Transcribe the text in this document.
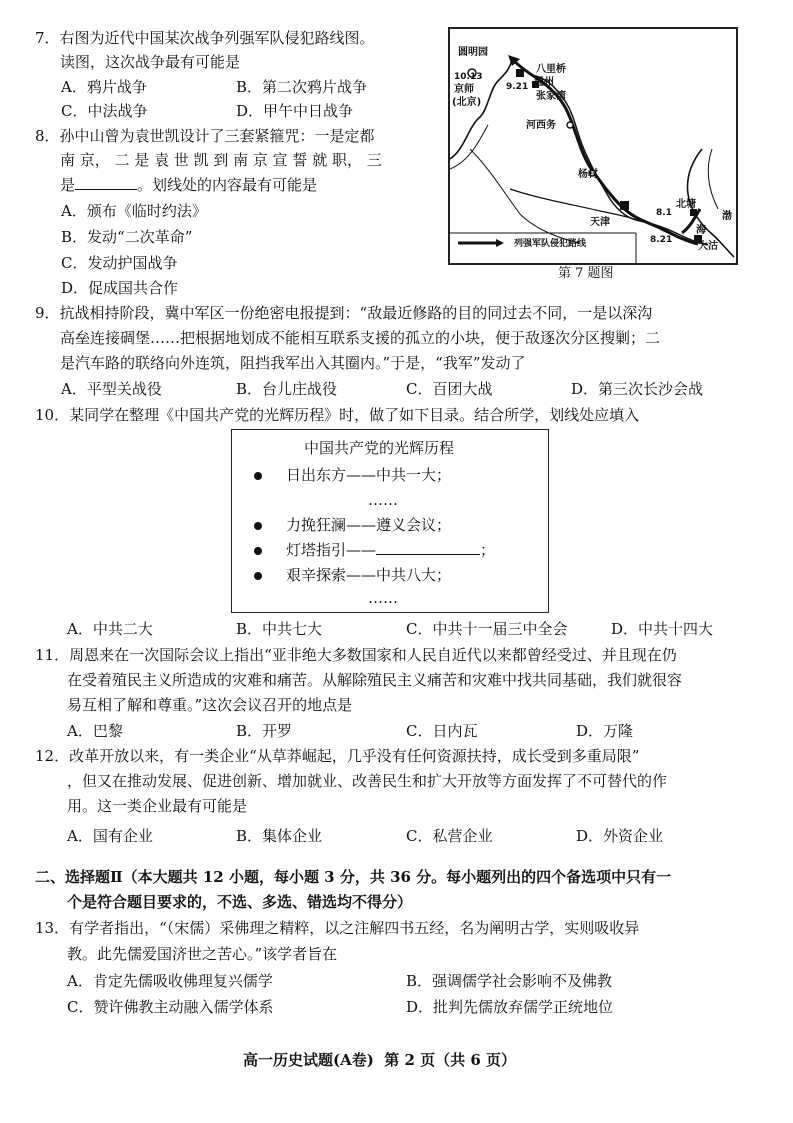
7．右图为近代中国某次战争列强军队侵犯路线图。
读图，这次战争最有可能是
A．鸦片战争	B．第二次鸦片战争
C．中法战争	D．甲午中日战争
圆明园
10.13
9.21
八里桥
通州
京师
(北京)
张家湾
河西务
杨村
天津
8.1
北塘
渤
海
8.21
大沽
列强军队侵犯路线
第 7 题图
8．孙中山曾为袁世凯设计了三套紧箍咒：一是定都
南 京， 二 是 袁 世 凯 到 南 京 宣 誓 就 职， 三
是	。划线处的内容最有可能是
A．颁布《临时约法》
B．发动“二次革命”
C．发动护国战争
D．促成国共合作
9．抗战相持阶段，冀中军区一份绝密电报提到：“敌最近修路的目的同过去不同，一是以深沟
高垒连接碉堡……把根据地划成不能相互联系支援的孤立的小块，便于敌逐次分区搜剿；二
是汽车路的联络向外连筑，阻挡我军出入其圈内。”于是，“我军”发动了
A．平型关战役	B．台儿庄战役	C．百团大战	D．第三次长沙会战
10．某同学在整理《中国共产党的光辉历程》时，做了如下目录。结合所学，划线处应填入
中国共产党的光辉历程
日出东方——中共一大；
……
力挽狂澜——遵义会议；
灯塔指引——	；
艰辛探索——中共八大；
……
A．中共二大	B．中共七大	C．中共十一届三中全会	D．中共十四大
11．周恩来在一次国际会议上指出“亚非绝大多数国家和人民自近代以来都曾经受过、并且现在仍
在受着殖民主义所造成的灾难和痛苦。从解除殖民主义痛苦和灾难中找共同基础，我们就很容
易互相了解和尊重。”这次会议召开的地点是
A．巴黎	B．开罗	C．日内瓦	D．万隆
12．改革开放以来，有一类企业“从草莽崛起，几乎没有任何资源扶持，成长受到多重局限”
，但又在推动发展、促进创新、增加就业、改善民生和扩大开放等方面发挥了不可替代的作
用。这一类企业最有可能是
A．国有企业	B．集体企业	C．私营企业	D．外资企业
二、选择题Ⅱ（本大题共 12 小题，每小题 3 分，共 36 分。每小题列出的四个备选项中只有一
个是符合题目要求的，不选、多选、错选均不得分）
13．有学者指出，“（宋儒）采佛理之精粹，以之注解四书五经，名为阐明古学，实则吸收异
教。此先儒爱国济世之苦心。”该学者旨在
A．肯定先儒吸收佛理复兴儒学	B．强调儒学社会影响不及佛教
C．赞许佛教主动融入儒学体系	D．批判先儒放弃儒学正统地位
高一历史试题(A卷)  第 2 页（共 6 页）
